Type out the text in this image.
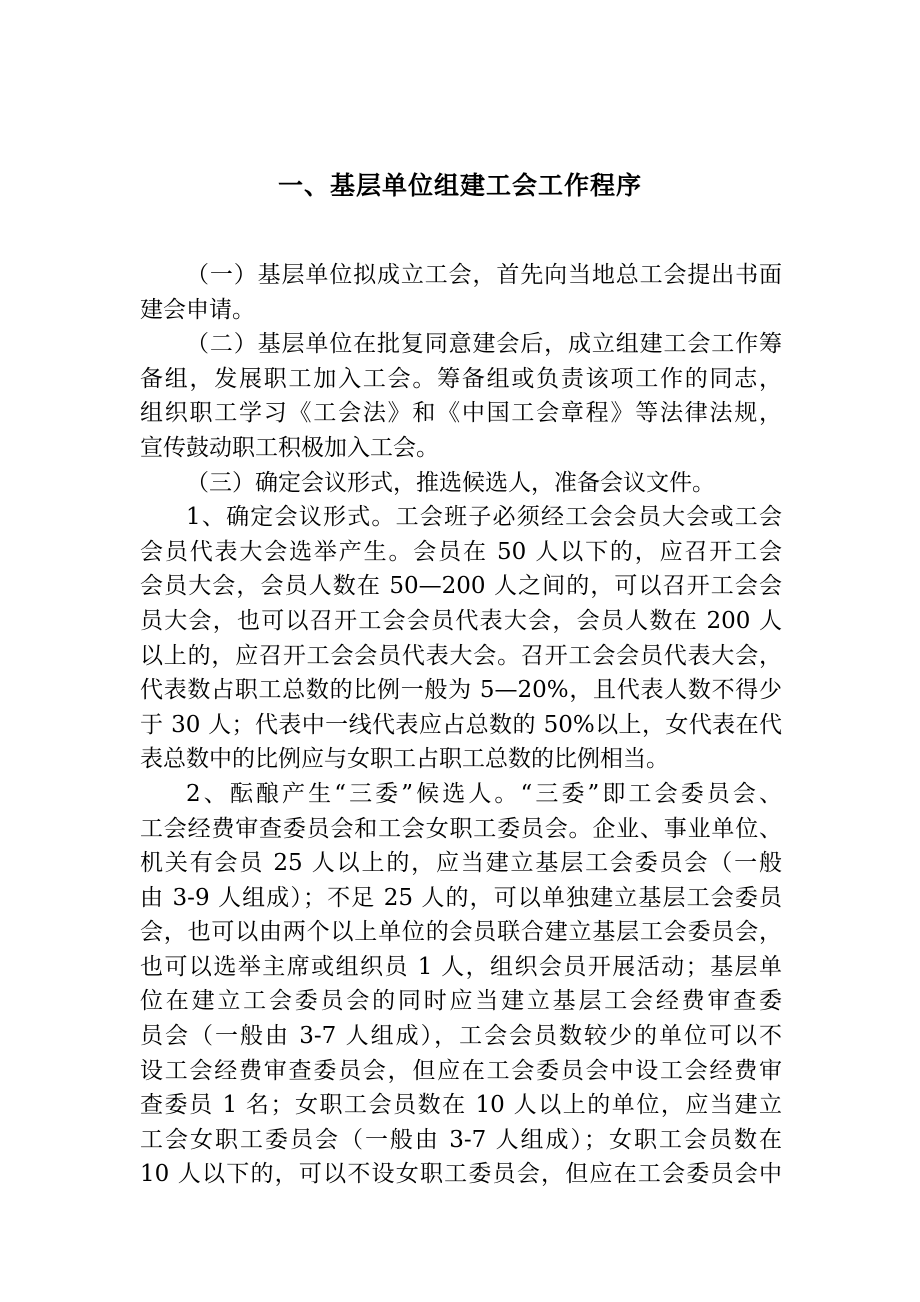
一、基层单位组建工会工作程序
（一）基层单位拟成立工会，首先向当地总工会提出书面
建会申请。
（二）基层单位在批复同意建会后，成立组建工会工作筹
备组，发展职工加入工会。筹备组或负责该项工作的同志，
组织职工学习《工会法》和《中国工会章程》等法律法规，
宣传鼓动职工积极加入工会。
（三）确定会议形式，推选候选人，准备会议文件。
1、确定会议形式。工会班子必须经工会会员大会或工会
会员代表大会选举产生。会员在 50 人以下的，应召开工会
会员大会，会员人数在 50—200 人之间的，可以召开工会会
员大会，也可以召开工会会员代表大会，会员人数在 200 人
以上的，应召开工会会员代表大会。召开工会会员代表大会，
代表数占职工总数的比例一般为 5—20%，且代表人数不得少
于 30 人；代表中一线代表应占总数的 50%以上，女代表在代
表总数中的比例应与女职工占职工总数的比例相当。
2、酝酿产生“三委”候选人。“三委”即工会委员会、
工会经费审查委员会和工会女职工委员会。企业、事业单位、
机关有会员 25 人以上的，应当建立基层工会委员会（一般
由 3-9 人组成）；不足 25 人的，可以单独建立基层工会委员
会，也可以由两个以上单位的会员联合建立基层工会委员会，
也可以选举主席或组织员 1 人，组织会员开展活动；基层单
位在建立工会委员会的同时应当建立基层工会经费审查委
员会（一般由 3-7 人组成），工会会员数较少的单位可以不
设工会经费审查委员会，但应在工会委员会中设工会经费审
查委员 1 名；女职工会员数在 10 人以上的单位，应当建立
工会女职工委员会（一般由 3-7 人组成）；女职工会员数在
10 人以下的，可以不设女职工委员会，但应在工会委员会中
